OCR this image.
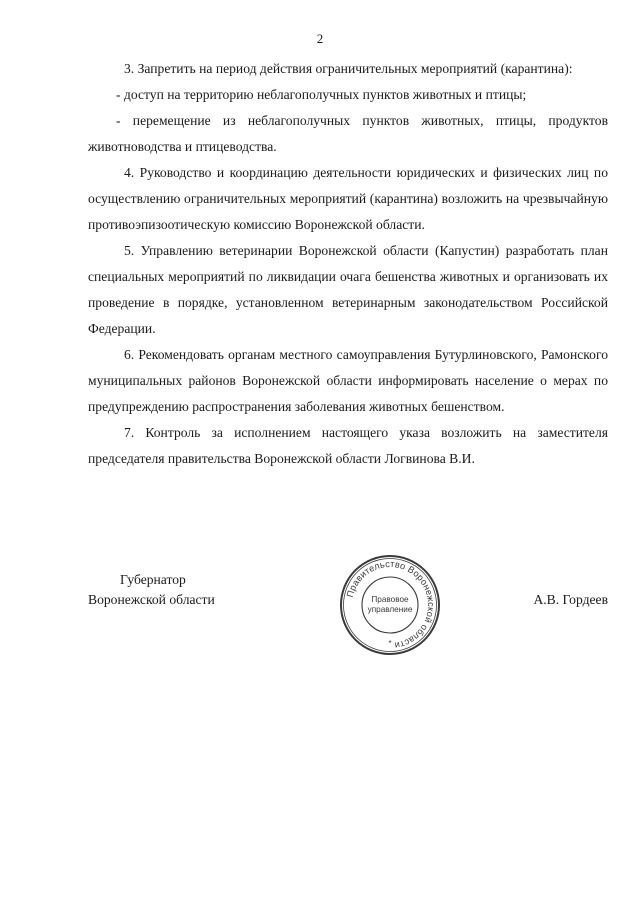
2

3. Запретить на период действия ограничительных мероприятий (карантина):

- доступ на территорию неблагополучных пунктов животных и птицы;

- перемещение из неблагополучных пунктов животных, птицы, продуктов животноводства и птицеводства.

4. Руководство и координацию деятельности юридических и физических лиц по осуществлению ограничительных мероприятий (карантина) возложить на чрезвычайную противоэпизоотическую комиссию Воронежской области.

5. Управлению ветеринарии Воронежской области (Капустин) разработать план специальных мероприятий по ликвидации очага бешенства животных и организовать их проведение в порядке, установленном ветеринарным законодательством Российской Федерации.

6. Рекомендовать органам местного самоуправления Бутурлиновского, Рамонского муниципальных районов Воронежской области информировать население о мерах по предупреждению распространения заболевания животных бешенством.

7. Контроль за исполнением настоящего указа возложить на заместителя председателя правительства Воронежской области Логвинова В.И.

Губернатор
Воронежской области	А.В. Гордеев
Правительство Воронежской области
Правовое
управление
*
